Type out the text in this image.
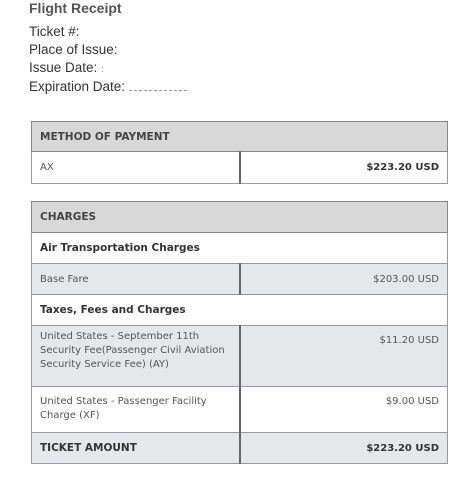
Flight Receipt
Ticket #:
Place of Issue:
Issue Date: :
Expiration Date:
METHOD OF PAYMENT
AX	$223.20 USD
CHARGES	
Air Transportation Charges	
Base Fare	$203.00 USD
Taxes, Fees and Charges	
United States - September 11th Security Fee(Passenger Civil Aviation Security Service Fee) (AY)	$11.20 USD
United States - Passenger Facility Charge (XF)	$9.00 USD
TICKET AMOUNT	$223.20 USD
